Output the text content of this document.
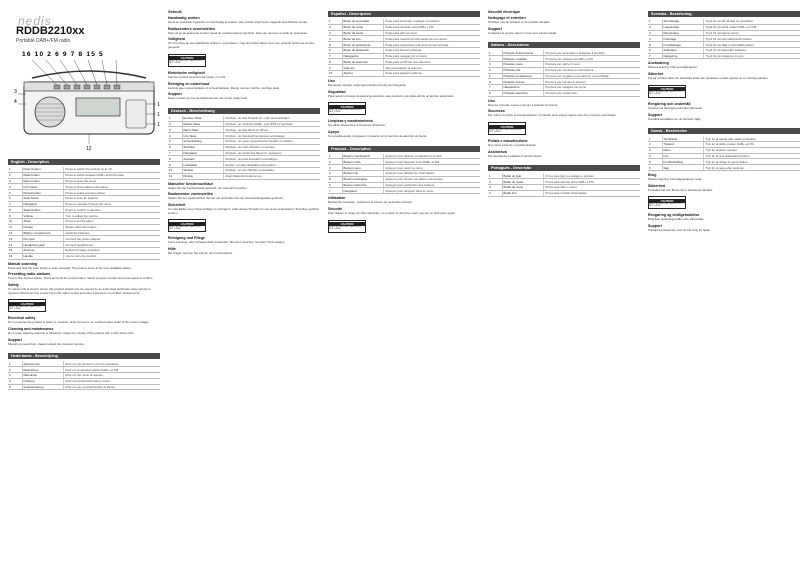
nedis
RDDB2210xx
Portable DAB+/FM radio
16 10 2 6 9 7 8 15 5
14
13
11
3
4
12
English - Description
1	Power button	Press to switch the product on or off.
2	Mode button	Press to switch between DAB+ and FM mode.
3	Menu button	Press to open the menu.
4	Info button	Press to show station information.
5	Preset button	Press to select a preset station.
6	Scan button	Press to scan for stations.
7	Navigation	Press to navigate through the menu.
8	Select button	Press to confirm a selection.
9	Volume	Turn to adjust the volume.
10	Alarm	Press to set the alarm.
11	Display	Shows radio information.
12	Battery compartment	Holds the batteries.
13	DC input	Connect the power adapter.
14	Headphone jack	Connect headphones.
15	Antenna	Extend for better reception.
16	Handle	Use to carry the product.
Manual scanning

Press and hold the scan button to scan manually. The product stops at the next available station.

Presetting radio stations

Tune to the desired station. Press and hold the preset button. Select a preset number and press select to confirm.

Safety

To reduce risk of electric shock, this product should only be opened by an authorized technician when service is required. Disconnect the product from the mains socket and other equipment if a problem should occur.

CAUTION
RISK OF ELECTRIC SHOCK DO NOT OPEN
Electrical safety

Do not expose the product to water or moisture. Only connect to an earthed mains outlet of the correct voltage.

Cleaning and maintenance

Do not use cleaning solvents or abrasives. Clean the outside of the product with a soft, damp cloth.

Support

Should you need help, please contact the customer service.

Nederlands - Beschrijving
1	Aan/uit-knop	Druk om het product in of uit te schakelen.
2	Modusknop	Druk om te wisselen tussen DAB+ en FM.
3	Menuknop	Druk om het menu te openen.
4	Infoknop	Druk om zenderinformatie te tonen.
5	Voorkeuzeknop	Druk om een voorkeurzender te kiezen.
Gebruik
Handmatig zoeken

Houd de zoekknop ingedrukt om handmatig te zoeken. Het product stopt bij de volgende beschikbare zender.

Radiozenders voorinstellen

Stem af op de gewenste zender. Houd de voorkeuzeknop ingedrukt. Kies een nummer en druk op selecteren.

Veiligheid

Om het risico op een elektrische schok te verminderen, mag dit product alleen door een erkende technicus worden geopend.

CAUTION
RISK OF ELECTRIC SHOCK DO NOT OPEN
Elektrische veiligheid

Stel het product niet bloot aan water of vocht.

Reiniging en onderhoud

Gebruik geen oplosmiddelen of schuurmiddelen. Reinig met een zachte, vochtige doek.

Support

Neem contact op met de klantenservice als u hulp nodig heeft.

Deutsch - Beschreibung
1	Ein/Aus-Taste	Drücken, um das Produkt ein- oder auszuschalten.
2	Modus-Taste	Drücken, um zwischen DAB+ und UKW zu wechseln.
3	Menü-Taste	Drücken, um das Menü zu öffnen.
4	Info-Taste	Drücken, um Senderinformationen anzuzeigen.
5	Voreinstellung	Drücken, um einen gespeicherten Sender zu wählen.
6	Suchlauf	Drücken, um nach Sendern zu suchen.
7	Navigation	Drücken, um durch das Menü zu navigieren.
8	Auswahl	Drücken, um eine Auswahl zu bestätigen.
9	Lautstärke	Drehen, um die Lautstärke einzustellen.
10	Wecker	Drücken, um den Wecker einzustellen.
11	Display	Zeigt Radioinformationen an.
Manueller Sendersuchlauf

Halten Sie die Suchlauftaste gedrückt, um manuell zu suchen.

Radiosender voreinstellen

Stellen Sie den gewünschten Sender ein und halten Sie die Voreinstellungstaste gedrückt.

Sicherheit

Um das Risiko eines Stromschlags zu verringern, sollte dieses Produkt nur von einem autorisierten Techniker geöffnet werden.

CAUTION
RISK OF ELECTRIC SHOCK DO NOT OPEN
Reinigung und Pflege

Keine Lösungs- oder Scheuermittel verwenden. Mit einem weichen, feuchten Tuch reinigen.

Hilfe

Bei Fragen wenden Sie sich an den Kundendienst.

Español - Descripción
1	Botón de encendido	Pulse para encender o apagar el producto.
2	Botón de modo	Pulse para cambiar entre DAB+ y FM.
3	Botón de menú	Pulse para abrir el menú.
4	Botón de info	Pulse para mostrar la información de la emisora.
5	Botón de presintonía	Pulse para seleccionar una emisora memorizada.
6	Botón de búsqueda	Pulse para buscar emisoras.
7	Navegación	Pulse para navegar por el menú.
8	Botón de selección	Pulse para confirmar una selección.
9	Volumen	Gire para ajustar el volumen.
10	Alarma	Pulse para ajustar la alarma.
Uso

Búsqueda manual: mantenga pulsado el botón de búsqueda.

Seguridad

Para reducir el riesgo de descarga eléctrica, este producto solo debe abrirlo un técnico autorizado.

CAUTION
RISK OF ELECTRIC SHOCK DO NOT OPEN
Limpieza y mantenimiento

No utilice disolventes ni productos abrasivos.

Apoyo

Si necesita ayuda, póngase en contacto con el servicio de atención al cliente.

Français - Description
1	Bouton marche/arrêt	Appuyez pour allumer ou éteindre le produit.
2	Bouton mode	Appuyez pour basculer entre DAB+ et FM.
3	Bouton menu	Appuyez pour ouvrir le menu.
4	Bouton info	Appuyez pour afficher les informations.
5	Bouton préréglage	Appuyez pour choisir une station mémorisée.
6	Bouton recherche	Appuyez pour rechercher des stations.
7	Navigation	Appuyez pour naviguer dans le menu.
Utilisation

Recherche manuelle : maintenez le bouton de recherche enfoncé.

Sécurité

Pour réduire le risque de choc électrique, ce produit ne doit être ouvert que par un technicien agréé.

CAUTION
RISK OF ELECTRIC SHOCK DO NOT OPEN
Sécurité électrique
Nettoyage et entretien

N'utilisez pas de solvants ni de produits abrasifs.

Support

Contactez le service client si vous avez besoin d'aide.

Italiano - Descrizione
1	Pulsante di accensione	Premere per accendere o spegnere il prodotto.
2	Pulsante modalità	Premere per passare tra DAB+ e FM.
3	Pulsante menu	Premere per aprire il menu.
4	Pulsante info	Premere per mostrare le informazioni.
5	Pulsante preselezione	Premere per scegliere una stazione memorizzata.
6	Pulsante ricerca	Premere per cercare le stazioni.
7	Navigazione	Premere per navigare nel menu.
8	Pulsante selezione	Premere per confermare.
Uso

Ricerca manuale: tenere premuto il pulsante di ricerca.

Sicurezza

Per ridurre il rischio di scossa elettrica, il prodotto deve essere aperto solo da un tecnico autorizzato.

CAUTION
RISK OF ELECTRIC SHOCK DO NOT OPEN
Pulizia e manutenzione

Non usare solventi o prodotti abrasivi.

Assistenza

Per assistenza contattare il servizio clienti.

Português - Descrição
1	Botão de ligar	Prima para ligar ou desligar o produto.
2	Botão de modo	Prima para alternar entre DAB+ e FM.
3	Botão de menu	Prima para abrir o menu.
4	Botão info	Prima para mostrar informações.
Svenska - Beskrivning
1	Strömknapp	Tryck för att slå på eller av produkten.
2	Lägesknapp	Tryck för att växla mellan DAB+ och FM.
3	Menyknapp	Tryck för att öppna menyn.
4	Infoknapp	Tryck för att visa stationsinformation.
5	Förvalsknapp	Tryck för att välja en förinställd station.
6	Sökknapp	Tryck för att söka efter stationer.
7	Navigering	Tryck för att navigera i menyn.
Användning

Manuell sökning: håll ned sökknappen.

Säkerhet

För att minska risken för elektriska stötar bör produkten endast öppnas av en behörig tekniker.

CAUTION
RISK OF ELECTRIC SHOCK DO NOT OPEN
Rengöring och underhåll

Använd inte lösningsmedel eller slipmedel.

Support

Kontakta kundtjänst om du behöver hjälp.

Dansk - Beskrivelse
1	Tænd/sluk	Tryk for at tænde eller slukke produktet.
2	Tilstand	Tryk for at skifte mellem DAB+ og FM.
3	Menu	Tryk for at åbne menuen.
4	Info	Tryk for at vise stationsinformation.
5	Forudindstilling	Tryk for at vælge en gemt station.
6	Søg	Tryk for at søge efter stationer.
Brug

Manuel søgning: hold søgeknappen nede.

Sikkerhed

Produktet bør kun åbnes af en autoriseret tekniker.

CAUTION
RISK OF ELECTRIC SHOCK DO NOT OPEN
Rengøring og vedligeholdelse

Brug ikke opløsningsmidler eller slibemidler.

Support

Kontakt kundeservice, hvis du har brug for hjælp.
